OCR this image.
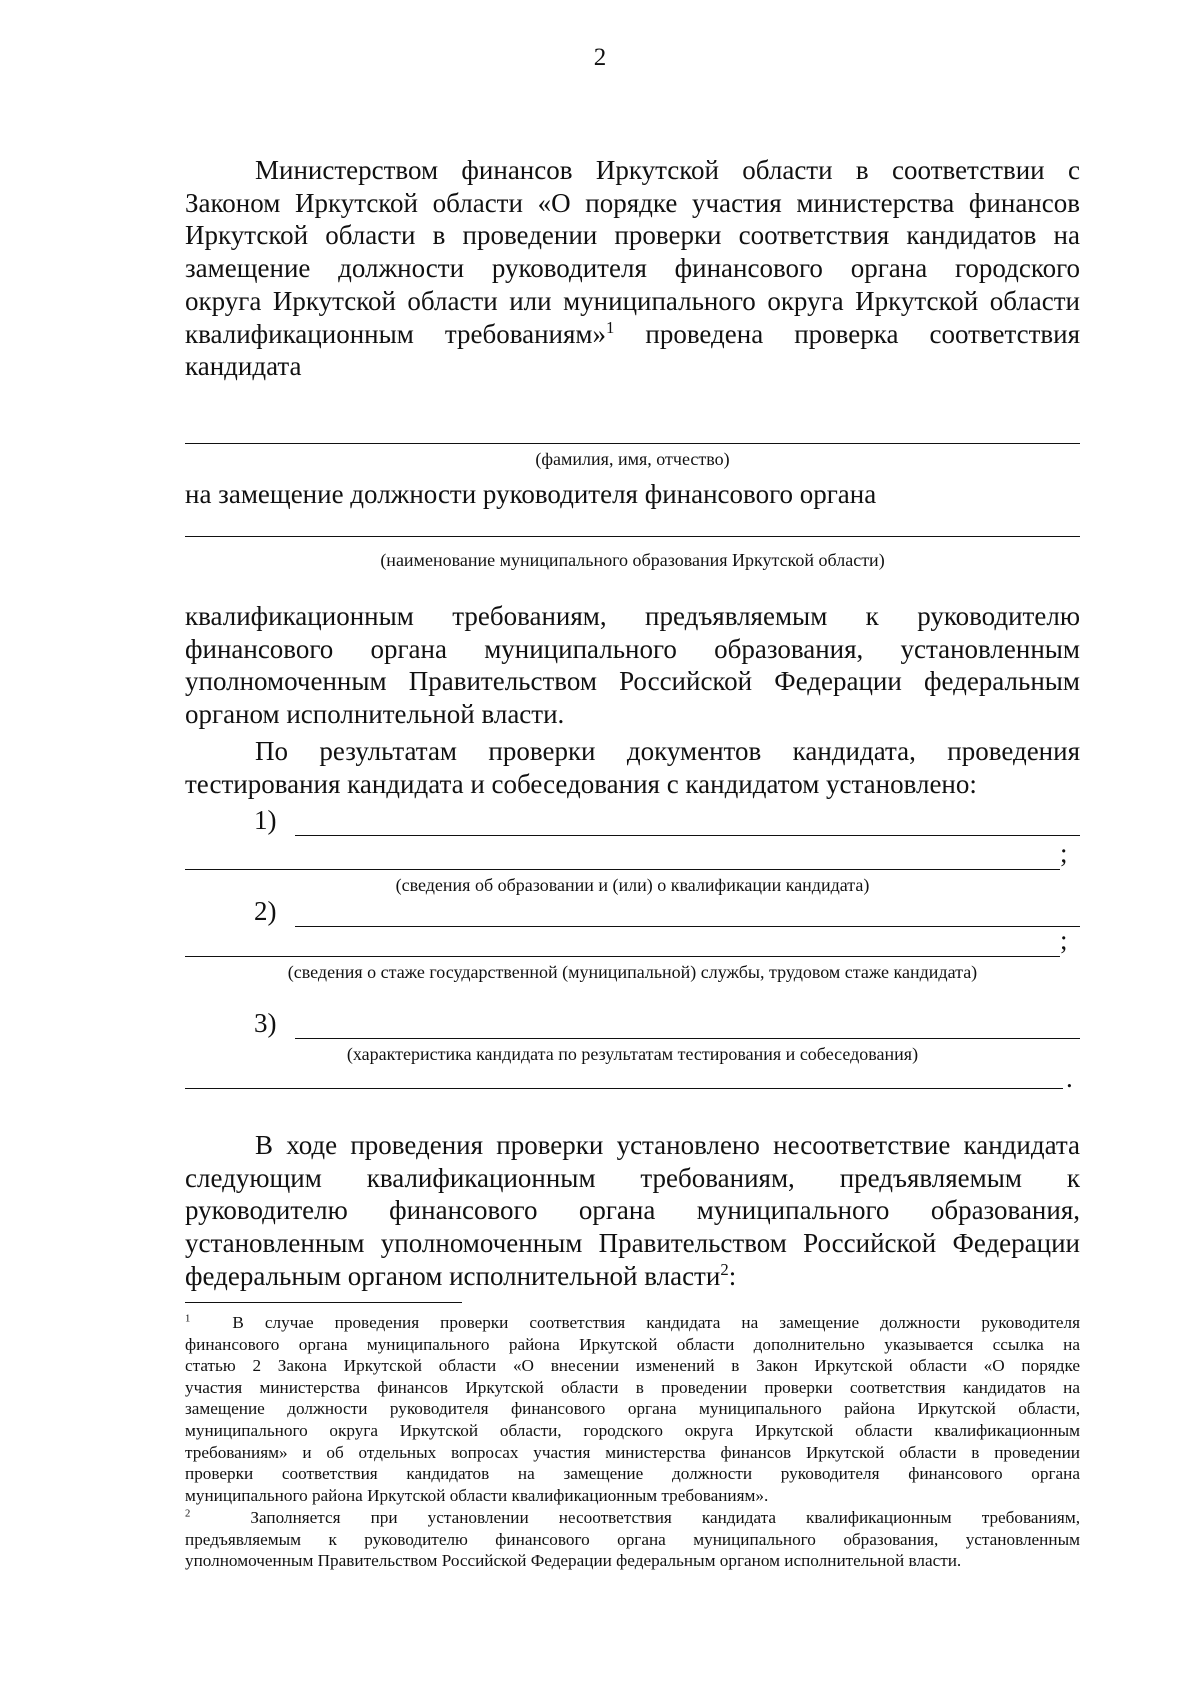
2
Министерством финансов Иркутской области в соответствии с
Законом Иркутской области «О порядке участия министерства финансов
Иркутской области в проведении проверки соответствия кандидатов на
замещение должности руководителя финансового органа городского
округа Иркутской области или муниципального округа Иркутской области
квалификационным требованиям»$^1$ проведена проверка соответствия
кандидата
(фамилия, имя, отчество)
на замещение должности руководителя финансового органа
(наименование муниципального образования Иркутской области)
квалификационным требованиям, предъявляемым к руководителю
финансового органа муниципального образования, установленным
уполномоченным Правительством Российской Федерации федеральным
органом исполнительной власти.
По результатам проверки документов кандидата, проведения
тестирования кандидата и собеседования с кандидатом установлено:
1)
;
(сведения об образовании и (или) о квалификации кандидата)
2)
;
(сведения о стаже государственной (муниципальной) службы, трудовом стаже кандидата)
3)
(характеристика кандидата по результатам тестирования и собеседования)
.
В ходе проведения проверки установлено несоответствие кандидата
следующим квалификационным требованиям, предъявляемым к
руководителю финансового органа муниципального образования,
установленным уполномоченным Правительством Российской Федерации
федеральным органом исполнительной власти$^2$:
$^1$ В случае проведения проверки соответствия кандидата на замещение должности руководителя
финансового органа муниципального района Иркутской области дополнительно указывается ссылка на
статью 2 Закона Иркутской области «О внесении изменений в Закон Иркутской области «О порядке
участия министерства финансов Иркутской области в проведении проверки соответствия кандидатов на
замещение должности руководителя финансового органа муниципального района Иркутской области,
муниципального округа Иркутской области, городского округа Иркутской области квалификационным
требованиям» и об отдельных вопросах участия министерства финансов Иркутской области в проведении
проверки соответствия кандидатов на замещение должности руководителя финансового органа
муниципального района Иркутской области квалификационным требованиям».
$^2$	Заполняется при установлении несоответствия кандидата квалификационным требованиям,
предъявляемым к руководителю финансового органа муниципального образования, установленным
уполномоченным Правительством Российской Федерации федеральным органом исполнительной власти.
